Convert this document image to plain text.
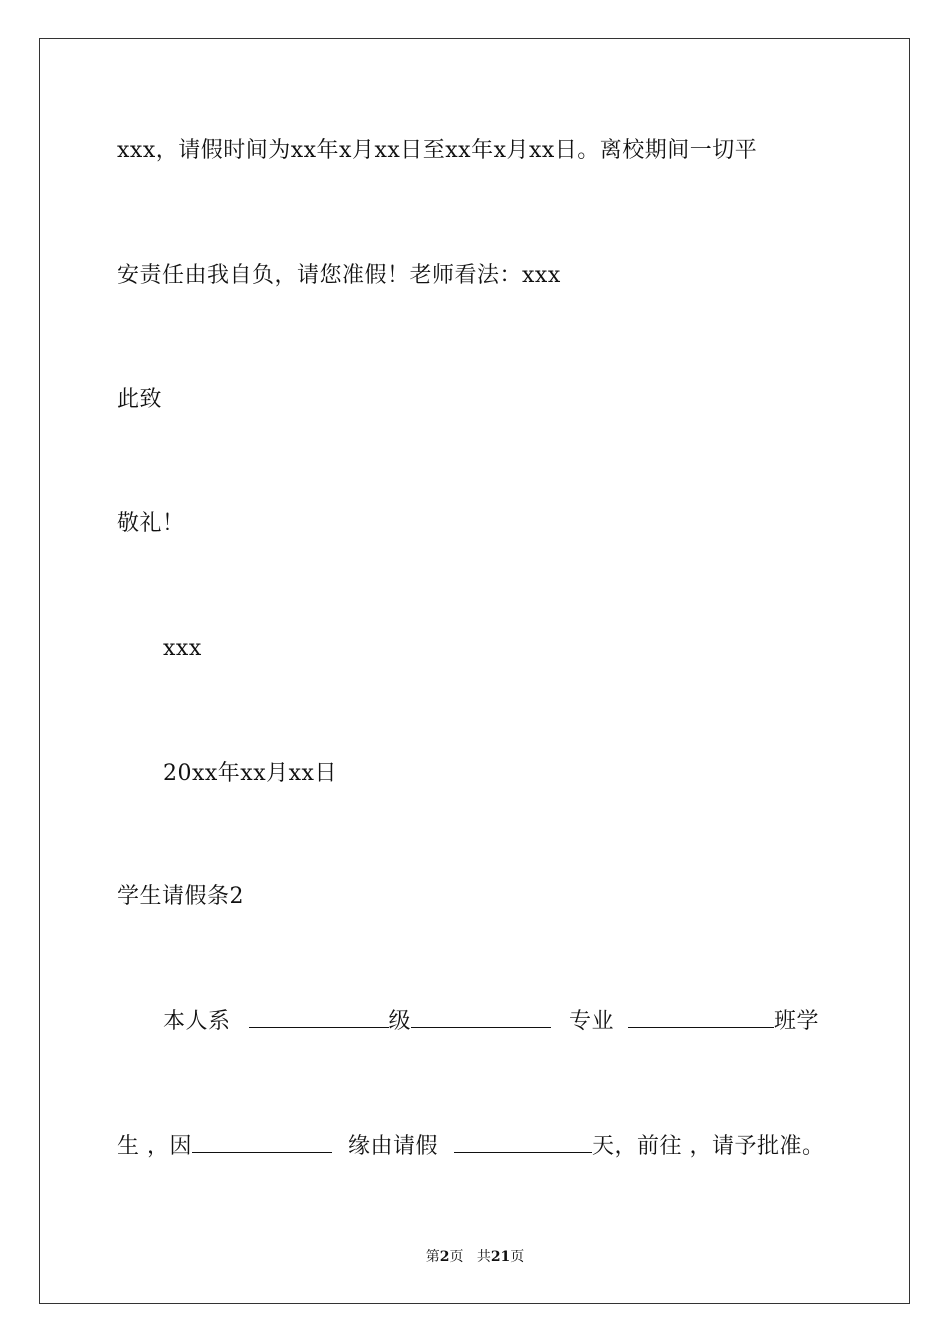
xxx，请假时间为xx年x月xx日至xx年x月xx日。离校期间一切平
安责任由我自负，请您准假！老师看法：xxx
此致
敬礼！
xxx
20xx年xx月xx日
学生请假条2
本人系	级	专业	班学
生 ，因	缘由请假	天，前往 ，请予批准。
第2页 共21页
